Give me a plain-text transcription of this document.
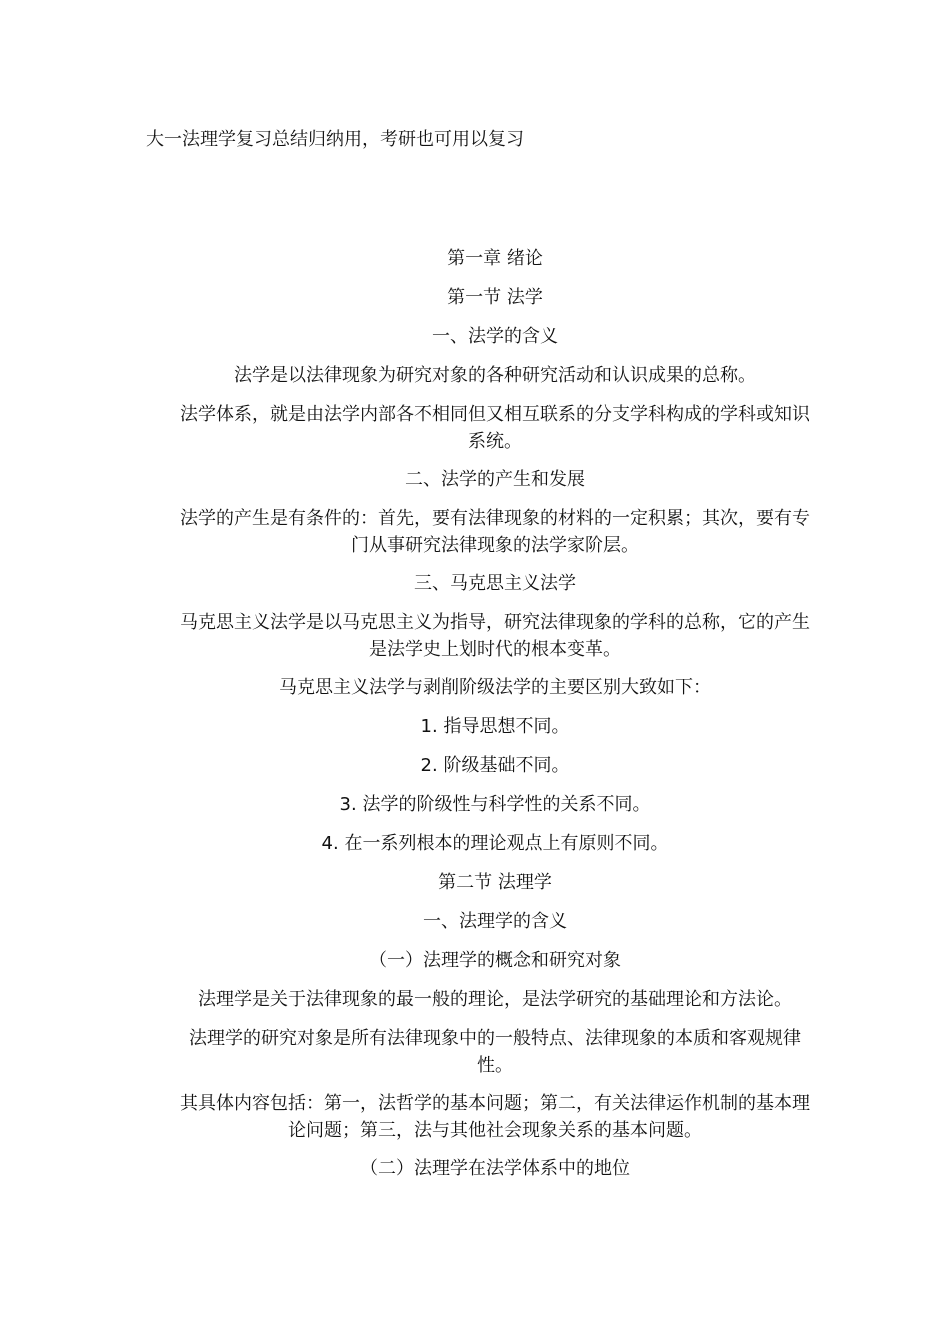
大一法理学复习总结归纳用，考研也可用以复习
第一章 绪论
第一节 法学
一、法学的含义
法学是以法律现象为研究对象的各种研究活动和认识成果的总称。
法学体系，就是由法学内部各不相同但又相互联系的分支学科构成的学科或知识系统。
二、法学的产生和发展
法学的产生是有条件的：首先，要有法律现象的材料的一定积累；其次，要有专门从事研究法律现象的法学家阶层。
三、马克思主义法学
马克思主义法学是以马克思主义为指导，研究法律现象的学科的总称，它的产生是法学史上划时代的根本变革。
马克思主义法学与剥削阶级法学的主要区别大致如下：
1. 指导思想不同。
2. 阶级基础不同。
3. 法学的阶级性与科学性的关系不同。
4. 在一系列根本的理论观点上有原则不同。
第二节 法理学
一、法理学的含义
（一）法理学的概念和研究对象
法理学是关于法律现象的最一般的理论，是法学研究的基础理论和方法论。
法理学的研究对象是所有法律现象中的一般特点、法律现象的本质和客观规律性。
其具体内容包括：第一，法哲学的基本问题；第二，有关法律运作机制的基本理论问题；第三，法与其他社会现象关系的基本问题。
（二）法理学在法学体系中的地位
